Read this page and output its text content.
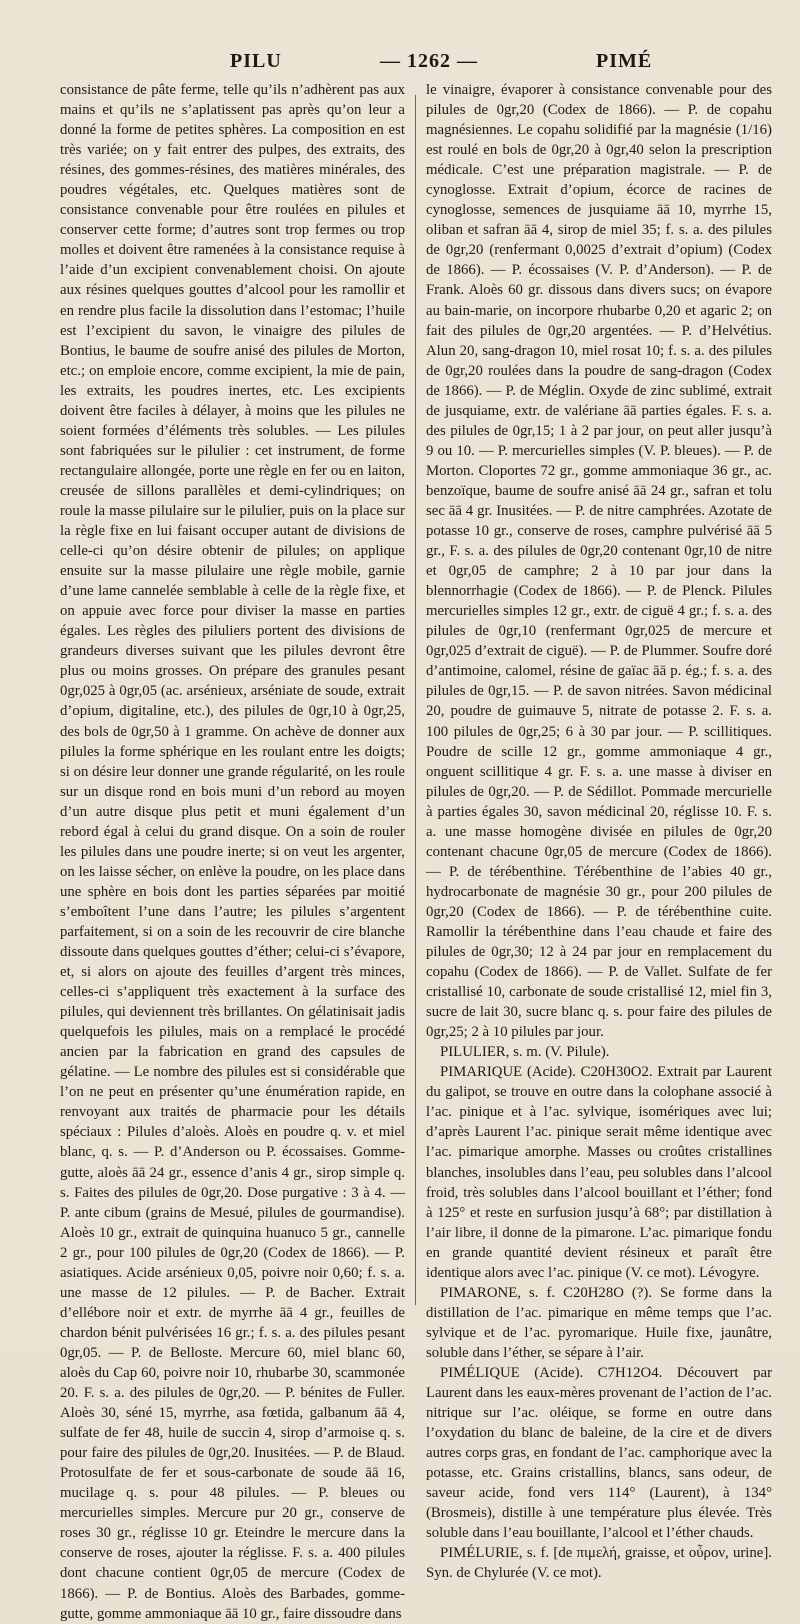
PILU	— 1262 —	PIMÉ

consistance de pâte ferme, telle qu’ils n’adhèrent pas aux mains et qu’ils ne s’aplatissent pas après qu’on leur a donné la forme de petites sphères. La composition en est très variée; on y fait entrer des pulpes, des extraits, des résines, des gommes-résines, des matières minérales, des poudres végétales, etc. Quelques matières sont de consistance convenable pour être roulées en pilules et conserver cette forme; d’autres sont trop fermes ou trop molles et doivent être ramenées à la consistance requise à l’aide d’un excipient convenablement choisi. On ajoute aux résines quelques gouttes d’alcool pour les ramollir et en rendre plus facile la dissolution dans l’estomac; l’huile est l’excipient du savon, le vinaigre des pilules de Bontius, le baume de soufre anisé des pilules de Morton, etc.; on emploie encore, comme excipient, la mie de pain, les extraits, les poudres inertes, etc. Les excipients doivent être faciles à délayer, à moins que les pilules ne soient formées d’éléments très solubles. — Les pilules sont fabriquées sur le pilulier : cet instrument, de forme rectangulaire allongée, porte une règle en fer ou en laiton, creusée de sillons parallèles et demi-cylindriques; on roule la masse pilulaire sur le pilulier, puis on la place sur la règle fixe en lui faisant occuper autant de divisions de celle-ci qu’on désire obtenir de pilules; on applique ensuite sur la masse pilulaire une règle mobile, garnie d’une lame cannelée semblable à celle de la règle fixe, et on appuie avec force pour diviser la masse en parties égales. Les règles des piluliers portent des divisions de grandeurs diverses suivant que les pilules devront être plus ou moins grosses. On prépare des granules pesant 0gr,025 à 0gr,05 (ac. arsénieux, arséniate de soude, extrait d’opium, digitaline, etc.), des pilules de 0gr,10 à 0gr,25, des bols de 0gr,50 à 1 gramme. On achève de donner aux pilules la forme sphérique en les roulant entre les doigts; si on désire leur donner une grande régularité, on les roule sur un disque rond en bois muni d’un rebord au moyen d’un autre disque plus petit et muni également d’un rebord égal à celui du grand disque. On a soin de rouler les pilules dans une poudre inerte; si on veut les argenter, on les laisse sécher, on enlève la poudre, on les place dans une sphère en bois dont les parties séparées par moitié s’emboîtent l’une dans l’autre; les pilules s’argentent parfaitement, si on a soin de les recouvrir de cire blanche dissoute dans quelques gouttes d’éther; celui-ci s’évapore, et, si alors on ajoute des feuilles d’argent très minces, celles-ci s’appliquent très exactement à la surface des pilules, qui deviennent très brillantes. On gélatinisait jadis quelquefois les pilules, mais on a remplacé le procédé ancien par la fabrication en grand des capsules de gélatine. — Le nombre des pilules est si considérable que l’on ne peut en présenter qu’une énumération rapide, en renvoyant aux traités de pharmacie pour les détails spéciaux : Pilules d’aloès. Aloès en poudre q. v. et miel blanc, q. s. — P. d’Anderson ou P. écossaises. Gomme-gutte, aloès āā 24 gr., essence d’anis 4 gr., sirop simple q. s. Faites des pilules de 0gr,20. Dose purgative : 3 à 4. — P. ante cibum (grains de Mesué, pilules de gourmandise). Aloès 10 gr., extrait de quinquina huanuco 5 gr., cannelle 2 gr., pour 100 pilules de 0gr,20 (Codex de 1866). — P. asiatiques. Acide arsénieux 0,05, poivre noir 0,60; f. s. a. une masse de 12 pilules. — P. de Bacher. Extrait d’ellébore noir et extr. de myrrhe āā 4 gr., feuilles de chardon bénit pulvérisées 16 gr.; f. s. a. des pilules pesant 0gr,05. — P. de Belloste. Mercure 60, miel blanc 60, aloès du Cap 60, poivre noir 10, rhubarbe 30, scammonée 20. F. s. a. des pilules de 0gr,20. — P. bénites de Fuller. Aloès 30, séné 15, myrrhe, asa fœtida, galbanum āā 4, sulfate de fer 48, huile de succin 4, sirop d’armoise q. s. pour faire des pilules de 0gr,20. Inusitées. — P. de Blaud. Protosulfate de fer et sous-carbonate de soude āā 16, mucilage q. s. pour 48 pilules. — P. bleues ou mercurielles simples. Mercure pur 20 gr., conserve de roses 30 gr., réglisse 10 gr. Eteindre le mercure dans la conserve de roses, ajouter la réglisse. F. s. a. 400 pilules dont chacune contient 0gr,05 de mercure (Codex de 1866). — P. de Bontius. Aloès des Barbades, gomme-gutte, gomme ammoniaque āā 10 gr., faire dissoudre dans

le vinaigre, évaporer à consistance convenable pour des pilules de 0gr,20 (Codex de 1866). — P. de copahu magnésiennes. Le copahu solidifié par la magnésie (1/16) est roulé en bols de 0gr,20 à 0gr,40 selon la prescription médicale. C’est une préparation magistrale. — P. de cynoglosse. Extrait d’opium, écorce de racines de cynoglosse, semences de jusquiame āā 10, myrrhe 15, oliban et safran āā 4, sirop de miel 35; f. s. a. des pilules de 0gr,20 (renfermant 0,0025 d’extrait d’opium) (Codex de 1866). — P. écossaises (V. P. d’Anderson). — P. de Frank. Aloès 60 gr. dissous dans divers sucs; on évapore au bain-marie, on incorpore rhubarbe 0,20 et agaric 2; on fait des pilules de 0gr,20 argentées. — P. d’Helvétius. Alun 20, sang-dragon 10, miel rosat 10; f. s. a. des pilules de 0gr,20 roulées dans la poudre de sang-dragon (Codex de 1866). — P. de Méglin. Oxyde de zinc sublimé, extrait de jusquiame, extr. de valériane āā parties égales. F. s. a. des pilules de 0gr,15; 1 à 2 par jour, on peut aller jusqu’à 9 ou 10. — P. mercurielles simples (V. P. bleues). — P. de Morton. Cloportes 72 gr., gomme ammoniaque 36 gr., ac. benzoïque, baume de soufre anisé āā 24 gr., safran et tolu sec āā 4 gr. Inusitées. — P. de nitre camphrées. Azotate de potasse 10 gr., conserve de roses, camphre pulvérisé āā 5 gr., F. s. a. des pilules de 0gr,20 contenant 0gr,10 de nitre et 0gr,05 de camphre; 2 à 10 par jour dans la blennorrhagie (Codex de 1866). — P. de Plenck. Pilules mercurielles simples 12 gr., extr. de ciguë 4 gr.; f. s. a. des pilules de 0gr,10 (renfermant 0gr,025 de mercure et 0gr,025 d’extrait de ciguë). — P. de Plummer. Soufre doré d’antimoine, calomel, résine de gaïac āā p. ég.; f. s. a. des pilules de 0gr,15. — P. de savon nitrées. Savon médicinal 20, poudre de guimauve 5, nitrate de potasse 2. F. s. a. 100 pilules de 0gr,25; 6 à 30 par jour. — P. scillitiques. Poudre de scille 12 gr., gomme ammoniaque 4 gr., onguent scillitique 4 gr. F. s. a. une masse à diviser en pilules de 0gr,20. — P. de Sédillot. Pommade mercurielle à parties égales 30, savon médicinal 20, réglisse 10. F. s. a. une masse homogène divisée en pilules de 0gr,20 contenant chacune 0gr,05 de mercure (Codex de 1866). — P. de térébenthine. Térébenthine de l’abies 40 gr., hydrocarbonate de magnésie 30 gr., pour 200 pilules de 0gr,20 (Codex de 1866). — P. de térébenthine cuite. Ramollir la térébenthine dans l’eau chaude et faire des pilules de 0gr,30; 12 à 24 par jour en remplacement du copahu (Codex de 1866). — P. de Vallet. Sulfate de fer cristallisé 10, carbonate de soude cristallisé 12, miel fin 3, sucre de lait 30, sucre blanc q. s. pour faire des pilules de 0gr,25; 2 à 10 pilules par jour.

PILULIER, s. m. (V. Pilule).

PIMARIQUE (Acide). C20H30O2. Extrait par Laurent du galipot, se trouve en outre dans la colophane associé à l’ac. pinique et à l’ac. sylvique, isomériques avec lui; d’après Laurent l’ac. pinique serait même identique avec l’ac. pimarique amorphe. Masses ou croûtes cristallines blanches, insolubles dans l’eau, peu solubles dans l’alcool froid, très solubles dans l’alcool bouillant et l’éther; fond à 125° et reste en surfusion jusqu’à 68°; par distillation à l’air libre, il donne de la pimarone. L’ac. pimarique fondu en grande quantité devient résineux et paraît être identique alors avec l’ac. pinique (V. ce mot). Lévogyre.

PIMARONE, s. f. C20H28O (?). Se forme dans la distillation de l’ac. pimarique en même temps que l’ac. sylvique et de l’ac. pyromarique. Huile fixe, jaunâtre, soluble dans l’éther, se sépare à l’air.

PIMÉLIQUE (Acide). C7H12O4. Découvert par Laurent dans les eaux-mères provenant de l’action de l’ac. nitrique sur l’ac. oléique, se forme en outre dans l’oxydation du blanc de baleine, de la cire et de divers autres corps gras, en fondant de l’ac. camphorique avec la potasse, etc. Grains cristallins, blancs, sans odeur, de saveur acide, fond vers 114° (Laurent), à 134° (Brosmeis), distille à une température plus élevée. Très soluble dans l’eau bouillante, l’alcool et l’éther chauds.

PIMÉLURIE, s. f. [de πιμελή, graisse, et οὖρον, urine]. Syn. de Chylurée (V. ce mot).
